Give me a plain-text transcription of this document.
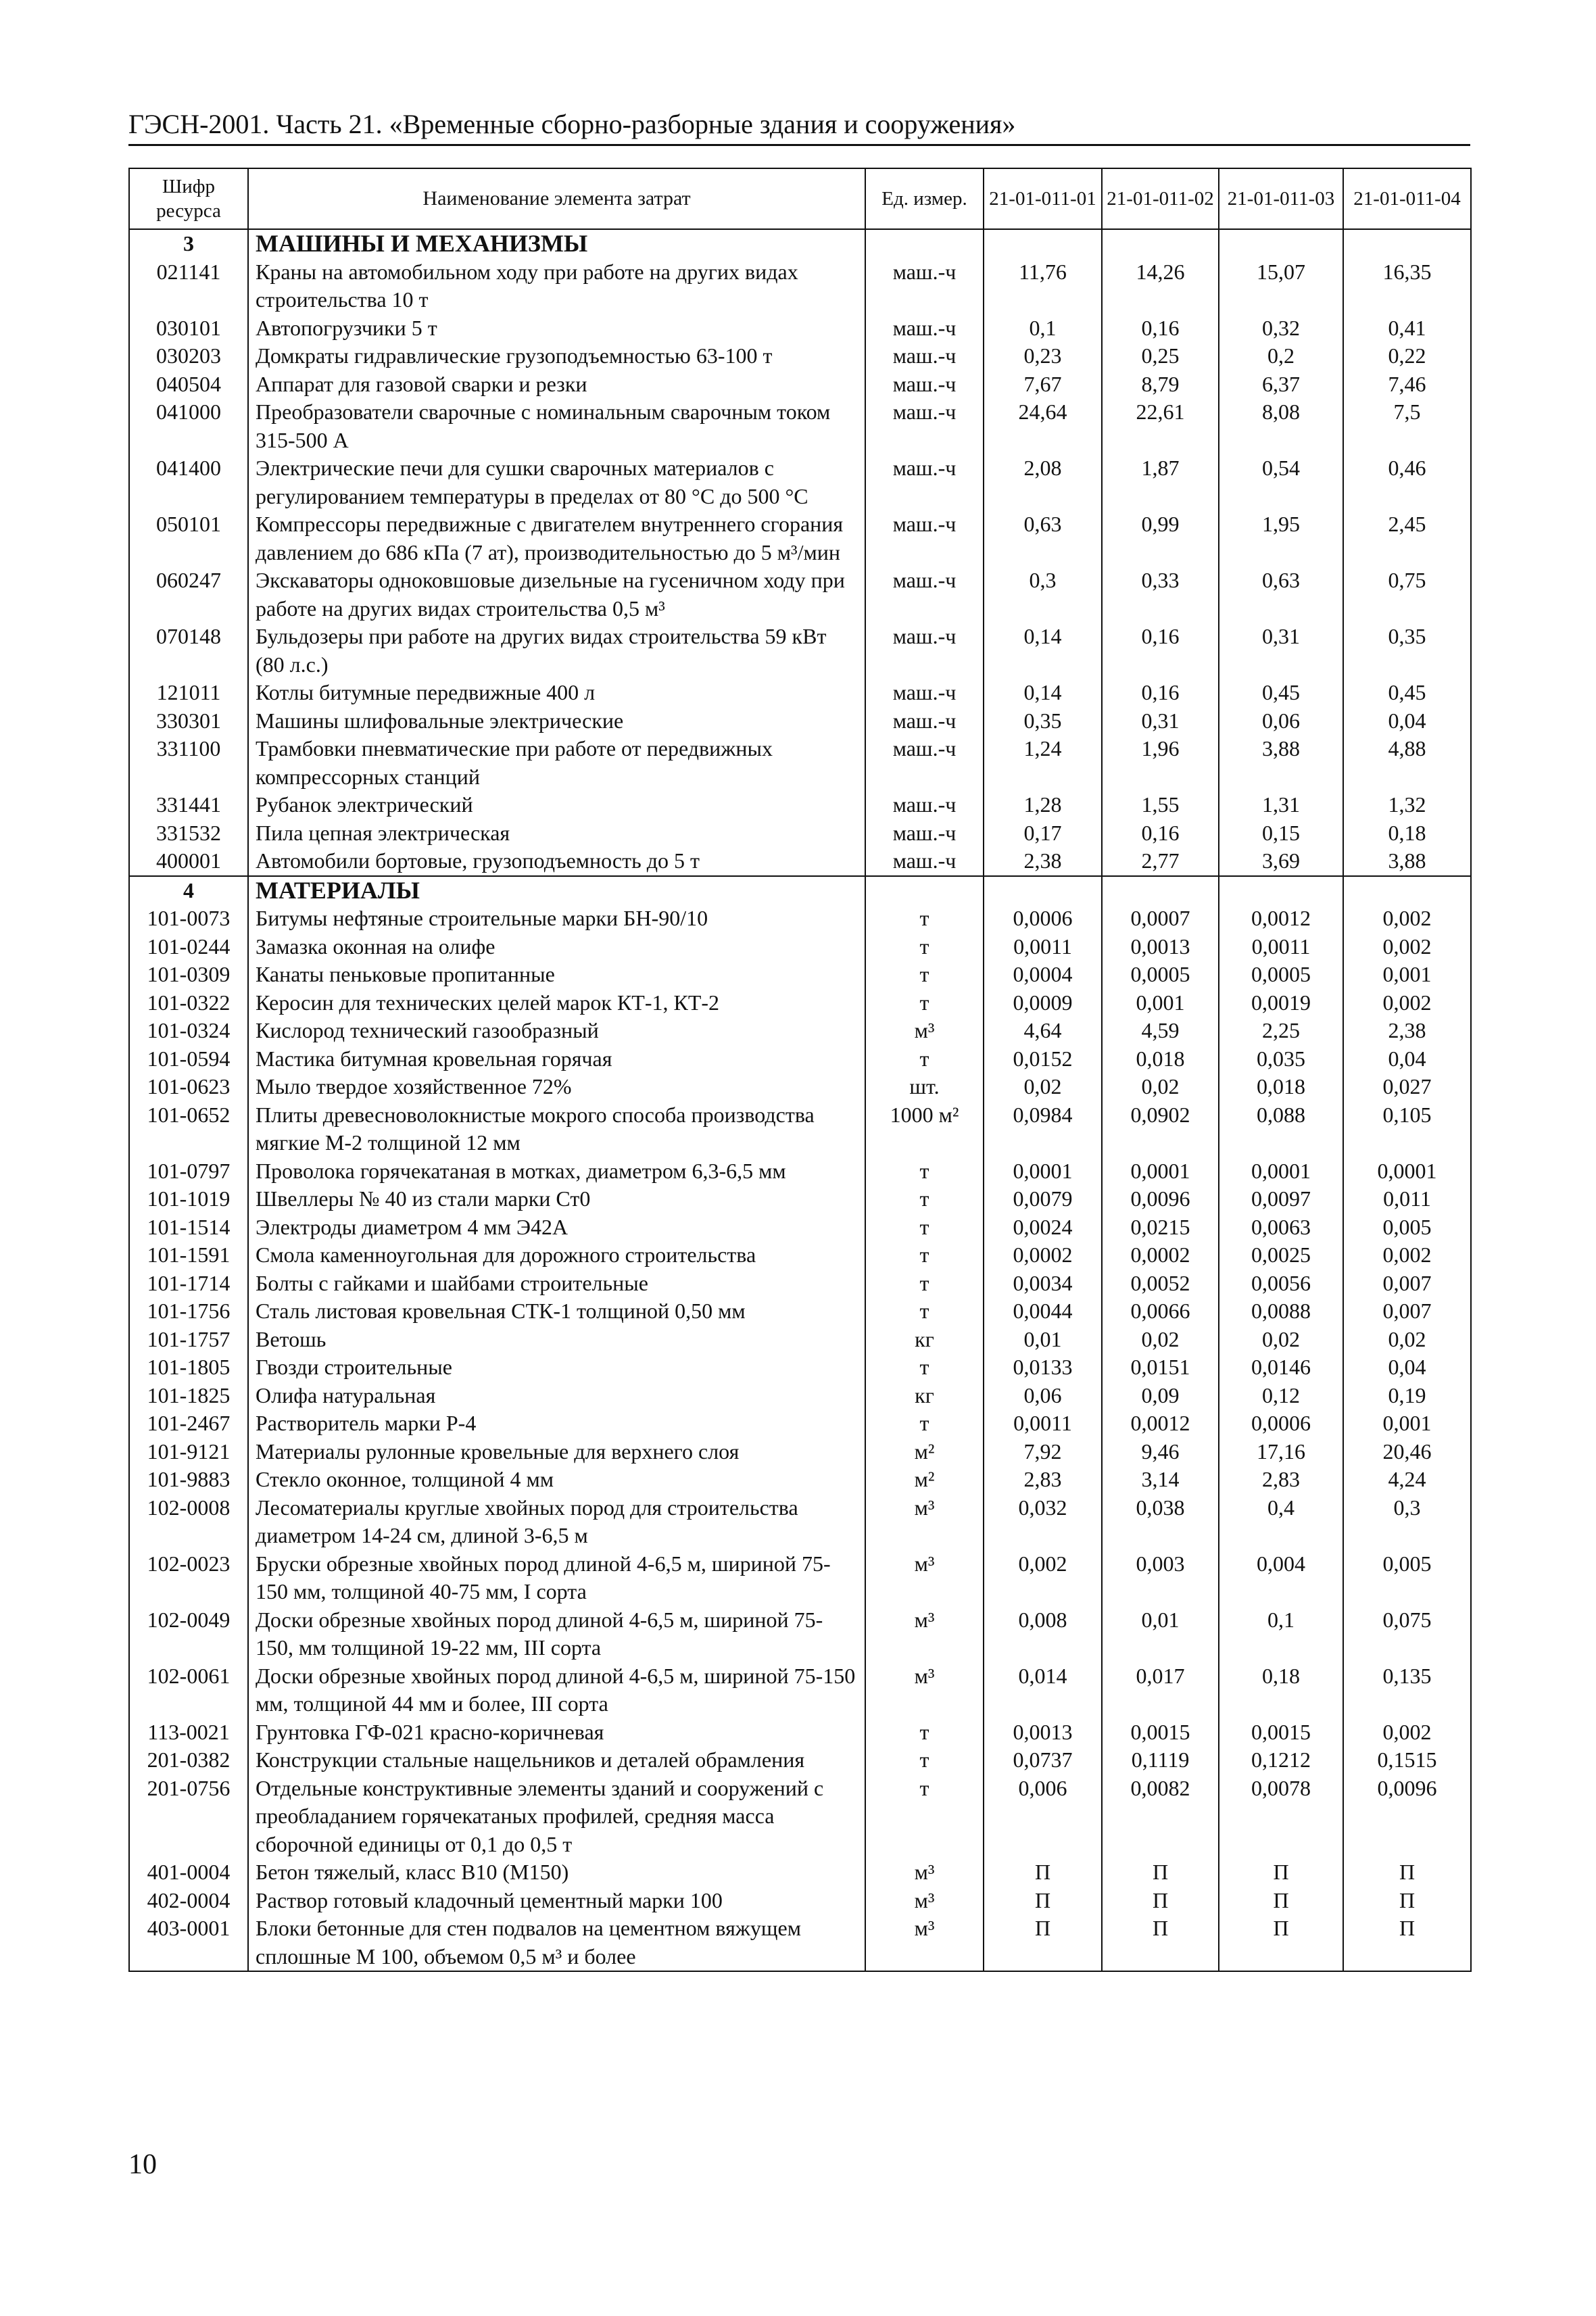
ГЭСН-2001. Часть 21. «Временные сборно-разборные здания и сооружения»
Шифр ресурса	Наименование элемента затрат	Ед. измер.	21-01-011-01	21-01-011-02	21-01-011-03	21-01-011-04
3	МАШИНЫ И МЕХАНИЗМЫ					
021141	Краны на автомобильном ходу при работе на других видах строительства 10 т	маш.-ч	11,76	14,26	15,07	16,35
030101	Автопогрузчики 5 т	маш.-ч	0,1	0,16	0,32	0,41
030203	Домкраты гидравлические грузоподъемностью 63-100 т	маш.-ч	0,23	0,25	0,2	0,22
040504	Аппарат для газовой сварки и резки	маш.-ч	7,67	8,79	6,37	7,46
041000	Преобразователи сварочные с номинальным сварочным током 315-500 А	маш.-ч	24,64	22,61	8,08	7,5
041400	Электрические печи для сушки сварочных материалов с регулированием температуры в пределах от 80 °С до 500 °С	маш.-ч	2,08	1,87	0,54	0,46
050101	Компрессоры передвижные с двигателем внутреннего сгорания давлением до 686 кПа (7 ат), производительностью до 5 м³/мин	маш.-ч	0,63	0,99	1,95	2,45
060247	Экскаваторы одноковшовые дизельные на гусеничном ходу при работе на других видах строительства 0,5 м³	маш.-ч	0,3	0,33	0,63	0,75
070148	Бульдозеры при работе на других видах строительства 59 кВт (80 л.с.)	маш.-ч	0,14	0,16	0,31	0,35
121011	Котлы битумные передвижные 400 л	маш.-ч	0,14	0,16	0,45	0,45
330301	Машины шлифовальные электрические	маш.-ч	0,35	0,31	0,06	0,04
331100	Трамбовки пневматические при работе от передвижных компрессорных станций	маш.-ч	1,24	1,96	3,88	4,88
331441	Рубанок электрический	маш.-ч	1,28	1,55	1,31	1,32
331532	Пила цепная электрическая	маш.-ч	0,17	0,16	0,15	0,18
400001	Автомобили бортовые, грузоподъемность до 5 т	маш.-ч	2,38	2,77	3,69	3,88
4	МАТЕРИАЛЫ					
101-0073	Битумы нефтяные строительные марки БН-90/10	т	0,0006	0,0007	0,0012	0,002
101-0244	Замазка оконная на олифе	т	0,0011	0,0013	0,0011	0,002
101-0309	Канаты пеньковые пропитанные	т	0,0004	0,0005	0,0005	0,001
101-0322	Керосин для технических целей марок КТ-1, КТ-2	т	0,0009	0,001	0,0019	0,002
101-0324	Кислород технический газообразный	м³	4,64	4,59	2,25	2,38
101-0594	Мастика битумная кровельная горячая	т	0,0152	0,018	0,035	0,04
101-0623	Мыло твердое хозяйственное 72%	шт.	0,02	0,02	0,018	0,027
101-0652	Плиты древесноволокнистые мокрого способа производства мягкие М-2 толщиной 12 мм	1000 м²	0,0984	0,0902	0,088	0,105
101-0797	Проволока горячекатаная в мотках, диаметром 6,3-6,5 мм	т	0,0001	0,0001	0,0001	0,0001
101-1019	Швеллеры № 40 из стали марки Ст0	т	0,0079	0,0096	0,0097	0,011
101-1514	Электроды диаметром 4 мм Э42А	т	0,0024	0,0215	0,0063	0,005
101-1591	Смола каменноугольная для дорожного строительства	т	0,0002	0,0002	0,0025	0,002
101-1714	Болты с гайками и шайбами строительные	т	0,0034	0,0052	0,0056	0,007
101-1756	Сталь листовая кровельная СТК-1 толщиной 0,50 мм	т	0,0044	0,0066	0,0088	0,007
101-1757	Ветошь	кг	0,01	0,02	0,02	0,02
101-1805	Гвозди строительные	т	0,0133	0,0151	0,0146	0,04
101-1825	Олифа натуральная	кг	0,06	0,09	0,12	0,19
101-2467	Растворитель марки Р-4	т	0,0011	0,0012	0,0006	0,001
101-9121	Материалы рулонные кровельные для верхнего слоя	м²	7,92	9,46	17,16	20,46
101-9883	Стекло оконное, толщиной 4 мм	м²	2,83	3,14	2,83	4,24
102-0008	Лесоматериалы круглые хвойных пород для строительства диаметром 14-24 см, длиной 3-6,5 м	м³	0,032	0,038	0,4	0,3
102-0023	Бруски обрезные хвойных пород длиной 4-6,5 м, шириной 75-150 мм, толщиной 40-75 мм, I сорта	м³	0,002	0,003	0,004	0,005
102-0049	Доски обрезные хвойных пород длиной 4-6,5 м, шириной 75-150, мм толщиной 19-22 мм, III сорта	м³	0,008	0,01	0,1	0,075
102-0061	Доски обрезные хвойных пород длиной 4-6,5 м, шириной 75-150 мм, толщиной 44 мм и более, III сорта	м³	0,014	0,017	0,18	0,135
113-0021	Грунтовка ГФ-021 красно-коричневая	т	0,0013	0,0015	0,0015	0,002
201-0382	Конструкции стальные нащельников и деталей обрамления	т	0,0737	0,1119	0,1212	0,1515
201-0756	Отдельные конструктивные элементы зданий и сооружений с преобладанием горячекатаных профилей, средняя масса сборочной единицы от 0,1 до 0,5 т	т	0,006	0,0082	0,0078	0,0096
401-0004	Бетон тяжелый, класс В10 (М150)	м³	П	П	П	П
402-0004	Раствор готовый кладочный цементный марки 100	м³	П	П	П	П
403-0001	Блоки бетонные для стен подвалов на цементном вяжущем сплошные М 100, объемом 0,5 м³ и более	м³	П	П	П	П
10
